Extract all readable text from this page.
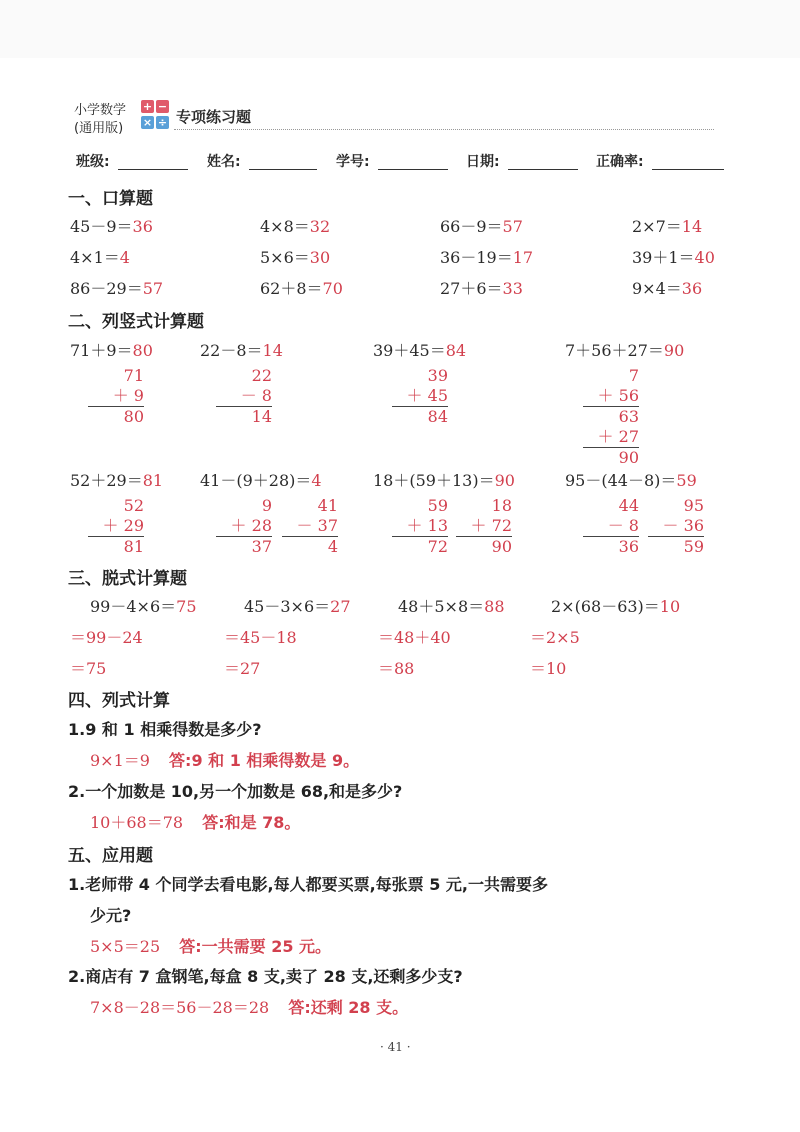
小学数学
(通用版)
+ −
× ÷ 专项练习题
班级:	姓名:	学号:	日期:	正确率:
一、口算题
45－9＝36	4×8＝32	66－9＝57	2×7＝14
4×1＝4	5×6＝30	36－19＝17	39＋1＝40
86－29＝57	62＋8＝70	27＋6＝33	9×4＝36
二、列竖式计算题
71＋9＝80	22－8＝14	39＋45＝84	7＋56＋27＝90
71
＋ 9
80
22
－ 8
14
39
＋ 45
84
7
＋ 56
63
＋ 27
90
52＋29＝81 41－(9＋28)＝4	18＋(59＋13)＝90	95－(44－8)＝59
52
＋ 29
81
9
＋ 28
37
41
－ 37
4
59
＋ 13
72
18
＋ 72
90
44
－ 8
36
95
－ 36
59
三、脱式计算题
99－4×6＝75	45－3×6＝27	48＋5×8＝88	2×(68－63)＝10
＝99－24	＝45－18	＝48＋40	＝2×5
＝75	＝27	＝88	＝10
四、列式计算
1.9 和 1 相乘得数是多少?
9×1＝9 答:9 和 1 相乘得数是 9。
2.一个加数是 10,另一个加数是 68,和是多少?
10＋68＝78 答:和是 78。
五、应用题
1.老师带 4 个同学去看电影,每人都要买票,每张票 5 元,一共需要多
少元?
5×5＝25 答:一共需要 25 元。
2.商店有 7 盒钢笔,每盒 8 支,卖了 28 支,还剩多少支?
7×8－28＝56－28＝28 答:还剩 28 支。
· 41 ·
